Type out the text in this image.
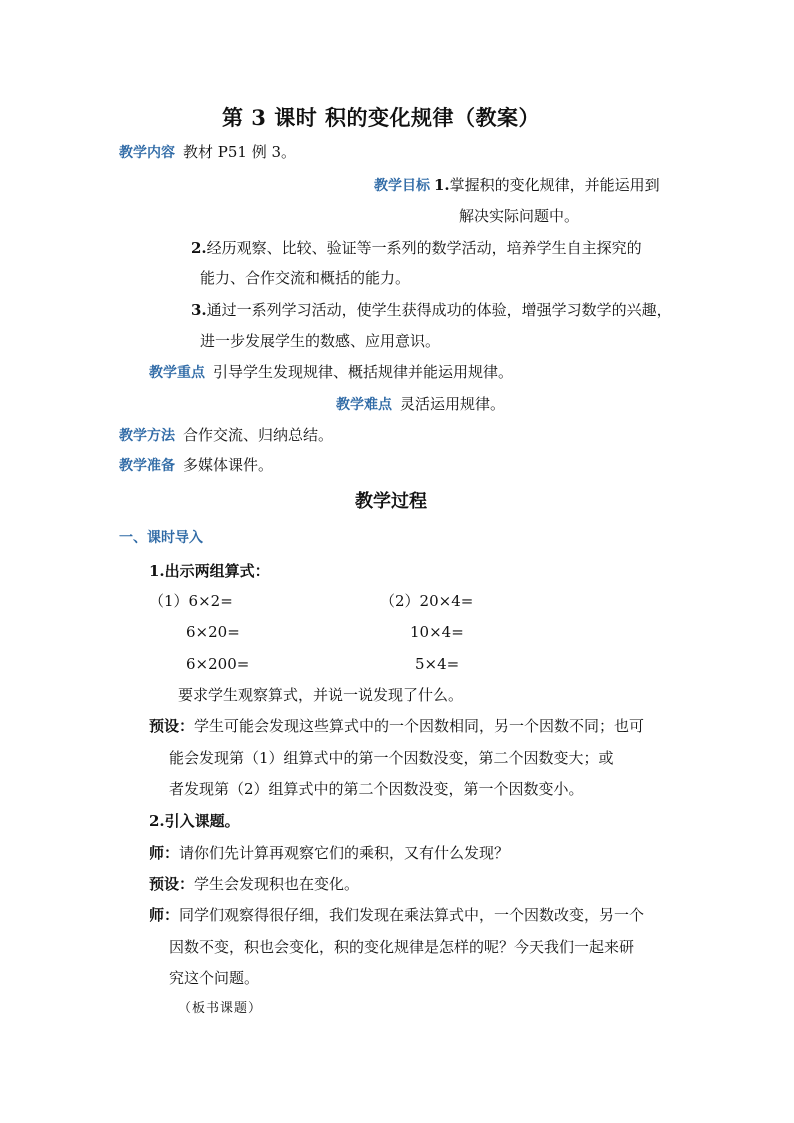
第 3 课时 积的变化规律（教案）
教学内容 教材 P51 例 3。
教学目标 1.掌握积的变化规律，并能运用到
解决实际问题中。
2.经历观察、比较、验证等一系列的数学活动，培养学生自主探究的
能力、合作交流和概括的能力。
3.通过一系列学习活动，使学生获得成功的体验，增强学习数学的兴趣，
进一步发展学生的数感、应用意识。
教学重点 引导学生发现规律、概括规律并能运用规律。
教学难点 灵活运用规律。
教学方法 合作交流、归纳总结。
教学准备 多媒体课件。
教学过程
一、课时导入
1.出示两组算式：
（1）6×2=
6×20=
6×200=
（2）20×4=
10×4=
5×4=
要求学生观察算式，并说一说发现了什么。
预设：学生可能会发现这些算式中的一个因数相同，另一个因数不同；也可
能会发现第（1）组算式中的第一个因数没变，第二个因数变大；或
者发现第（2）组算式中的第二个因数没变，第一个因数变小。
2.引入课题。
师：请你们先计算再观察它们的乘积，又有什么发现？
预设：学生会发现积也在变化。
师：同学们观察得很仔细，我们发现在乘法算式中，一个因数改变，另一个
因数不变，积也会变化，积的变化规律是怎样的呢？今天我们一起来研
究这个问题。
（板书课题）
